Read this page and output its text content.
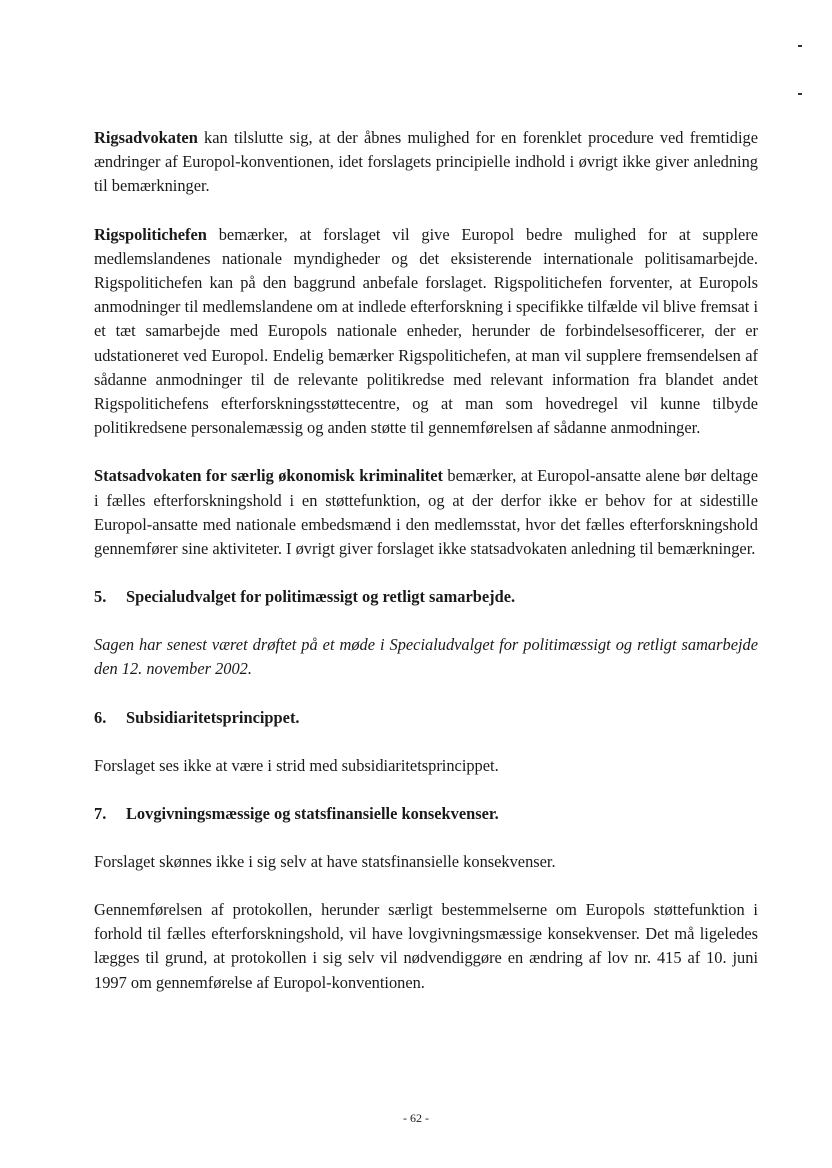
Rigsadvokaten kan tilslutte sig, at der åbnes mulighed for en forenklet procedure ved fremtidige ændringer af Europol-konventionen, idet forslagets principielle indhold i øvrigt ikke giver anledning til bemærkninger.

Rigspolitichefen bemærker, at forslaget vil give Europol bedre mulighed for at supplere medlemslandenes nationale myndigheder og det eksisterende internationale politisamarbejde. Rigspolitichefen kan på den baggrund anbefale forslaget. Rigspolitichefen forventer, at Europols anmodninger til medlemslandene om at indlede efterforskning i specifikke tilfælde vil blive fremsat i et tæt samarbejde med Europols nationale enheder, herunder de forbindelsesofficerer, der er udstationeret ved Europol. Endelig bemærker Rigspolitichefen, at man vil supplere fremsendelsen af sådanne anmodninger til de relevante politikredse med relevant information fra blandet andet Rigspolitichefens efterforskningsstøttecentre, og at man som hovedregel vil kunne tilbyde politikredsene personalemæssig og anden støtte til gennemførelsen af sådanne anmodninger.

Statsadvokaten for særlig økonomisk kriminalitet bemærker, at Europol-ansatte alene bør deltage i fælles efterforskningshold i en støttefunktion, og at der derfor ikke er behov for at sidestille Europol-ansatte med nationale embedsmænd i den medlemsstat, hvor det fælles efterforskningshold gennemfører sine aktiviteter. I øvrigt giver forslaget ikke statsadvokaten anledning til bemærkninger.

5.	Specialudvalget for politimæssigt og retligt samarbejde.

Sagen har senest været drøftet på et møde i Specialudvalget for politimæssigt og retligt samarbejde den 12. november 2002.

6.	Subsidiaritetsprincippet.

Forslaget ses ikke at være i strid med subsidiaritetsprincippet.

7.	Lovgivningsmæssige og statsfinansielle konsekvenser.

Forslaget skønnes ikke i sig selv at have statsfinansielle konsekvenser.

Gennemførelsen af protokollen, herunder særligt bestemmelserne om Europols støttefunktion i forhold til fælles efterforskningshold, vil have lovgivningsmæssige konsekvenser. Det må ligeledes lægges til grund, at protokollen i sig selv vil nødvendiggøre en ændring af lov nr. 415 af 10. juni 1997 om gennemførelse af Europol-konventionen.

- 62 -
